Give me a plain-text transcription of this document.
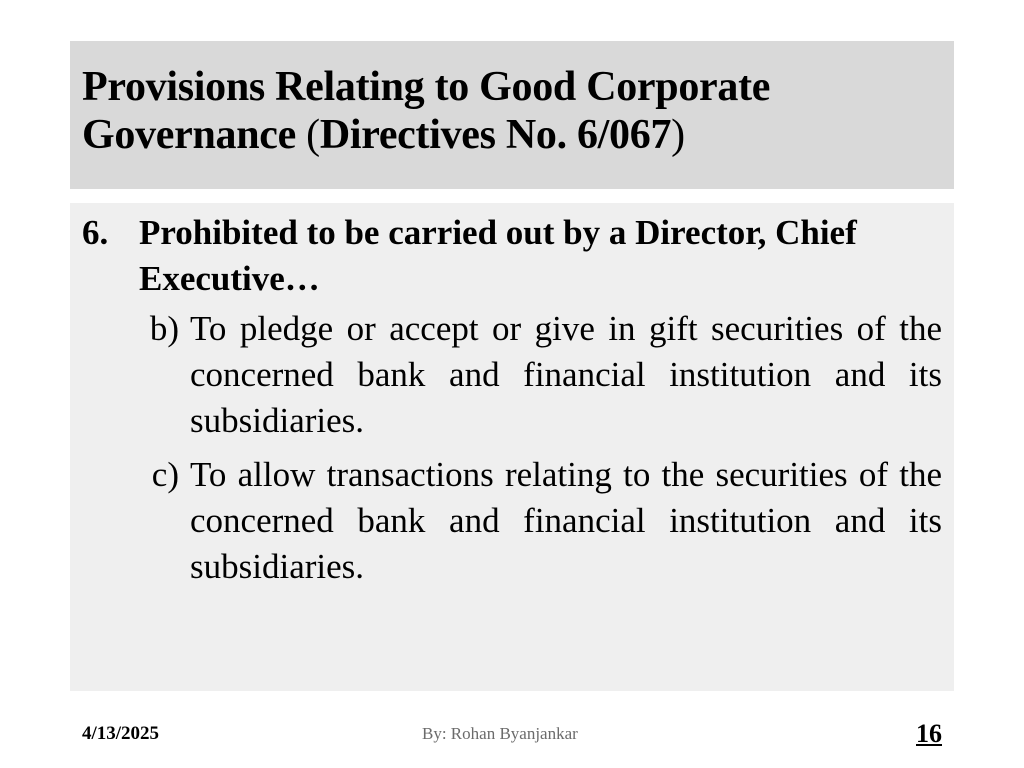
Provisions Relating to Good Corporate Governance (Directives No. 6/067)
6. Prohibited to be carried out by a Director, Chief Executive…
b) To pledge or accept or give in gift securities of the concerned bank and financial institution and its subsidiaries.
c) To allow transactions relating to the securities of the concerned bank and financial institution and its subsidiaries.
4/13/2025	By: Rohan Byanjankar	16
